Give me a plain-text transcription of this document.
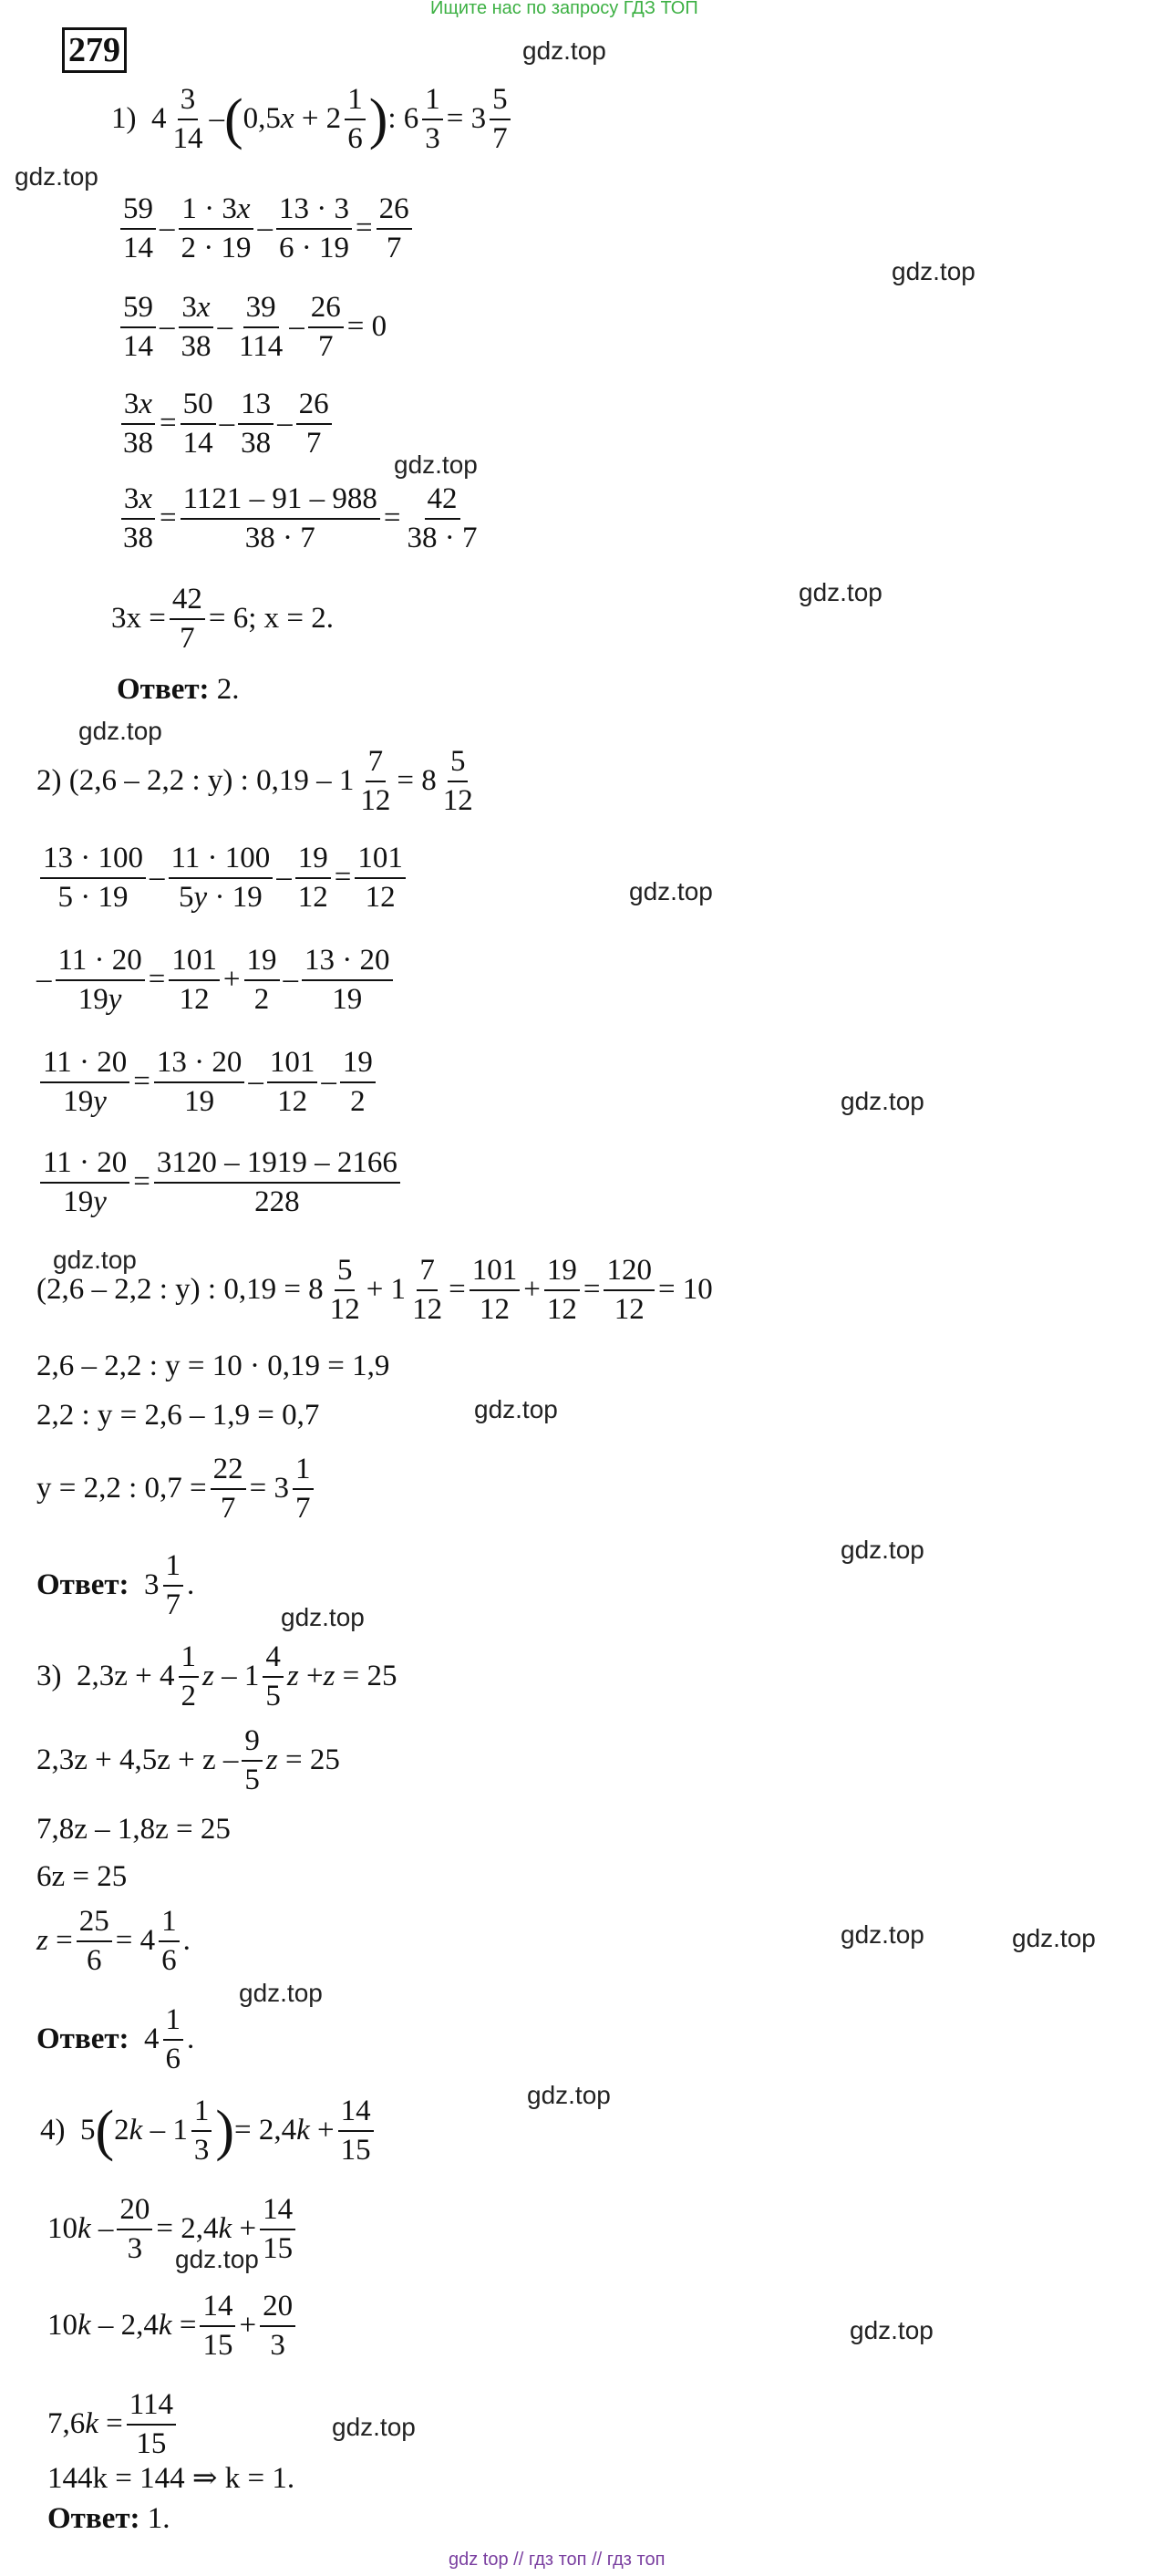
Ищите нас по запросу ГДЗ ТОП
279	gdz.top
gdz.top
gdz.top
gdz.top
gdz.top
gdz.top
gdz.top
gdz.top
gdz.top
gdz.top
gdz.top
gdz.top
gdz.top
gdz.top
gdz.top
gdz.top
gdz.top
gdz.top
gdz.top
1) 4
3
14
– ( 0,5 x + 2
1
6 ) : $6 \frac{1}{3} = 3$
5
7
59
14
–
1 · 3x
2 · 19
–
13 · 3
6 · 19
=
26
7
59
14
–
3x
38
–
39
114
–
26
7
= 0
3x
38
=
50
14
–
13
38
–
26
7
3x
38
=
1121 – 91 – 988
38 · 7
=
42
38 · 7
$3x = \frac{42}{7} = 6$; x = 2.
Ответ:
2.
2)
(2,6 – 2,2 : y) : 0,19 – 1
7
12
= 8
5
12
13 · 100
5 · 19
–
11 · 100
5y · 19
–
19
12
=
101
12
–
11 · 20
19y
=
101
12
+
19
2
–
13 · 20
19
11 · 20
19y
=
13 · 20
19
–
101
12
–
19
2
11 · 20
19y
=
3120 – 1919 – 2166
228
(2,6 – 2,2 : y) : 0,19 = 8
5
12
+ 1
7
12
=
101
12
+
19
12
=
120
12
= 10
2,6 – 2,2 : y = 10 · 0,19 = 1,9
2,2 : y = 2,6 – 1,9 = 0,7
y = 2,2 : $0,7 = \frac{22}{7} = 3$
1
7
Ответ:
3
1
7
.
3)
2,3z + 4
1
2
z – 1
4
5
z + z = 25
2,3z + 4,5z + z –
9
5
z = 25
7,8z – 1,8z = 25
6z = 25
z =
25
6
= 4
1
6
.
Ответ:
4
1
6
.
4) 5 ( 2 k – 1
1
3 ) = 2,4 k +
14
15
10 k –
20
3
= 2,4 k +
14
15
10 k – 2,4 k =
14
15
+
20
3
7,6 k =
114
15
144k = 144 ⇒ k = 1.
Ответ:
1.
gdz top // гдз топ // гдз топ
